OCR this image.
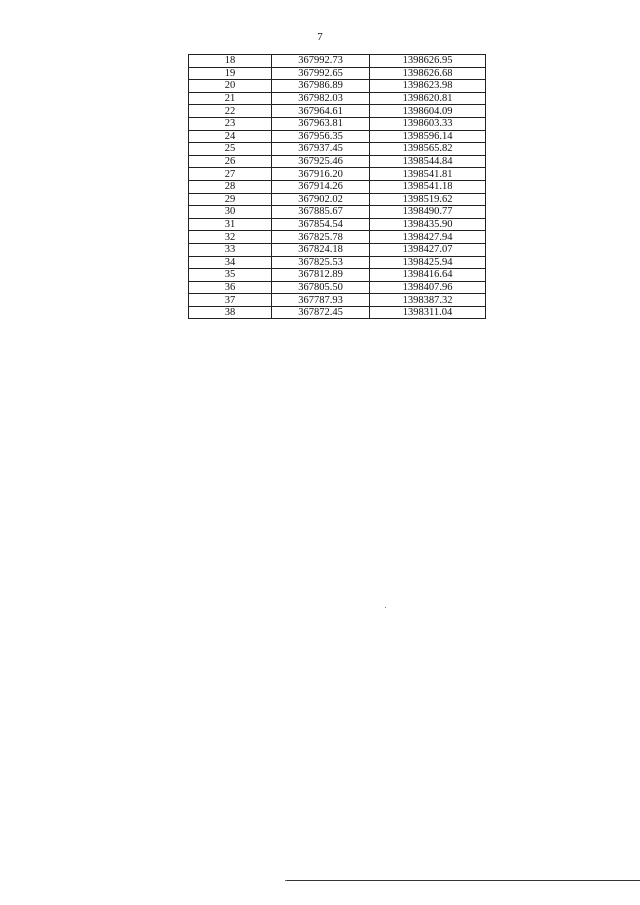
7
18	367992.73	1398626.95
19	367992.65	1398626.68
20	367986.89	1398623.98
21	367982.03	1398620.81
22	367964.61	1398604.09
23	367963.81	1398603.33
24	367956.35	1398596.14
25	367937.45	1398565.82
26	367925.46	1398544.84
27	367916.20	1398541.81
28	367914.26	1398541.18
29	367902.02	1398519.62
30	367885.67	1398490.77
31	367854.54	1398435.90
32	367825.78	1398427.94
33	367824.18	1398427.07
34	367825.53	1398425.94
35	367812.89	1398416.64
36	367805.50	1398407.96
37	367787.93	1398387.32
38	367872.45	1398311.04
